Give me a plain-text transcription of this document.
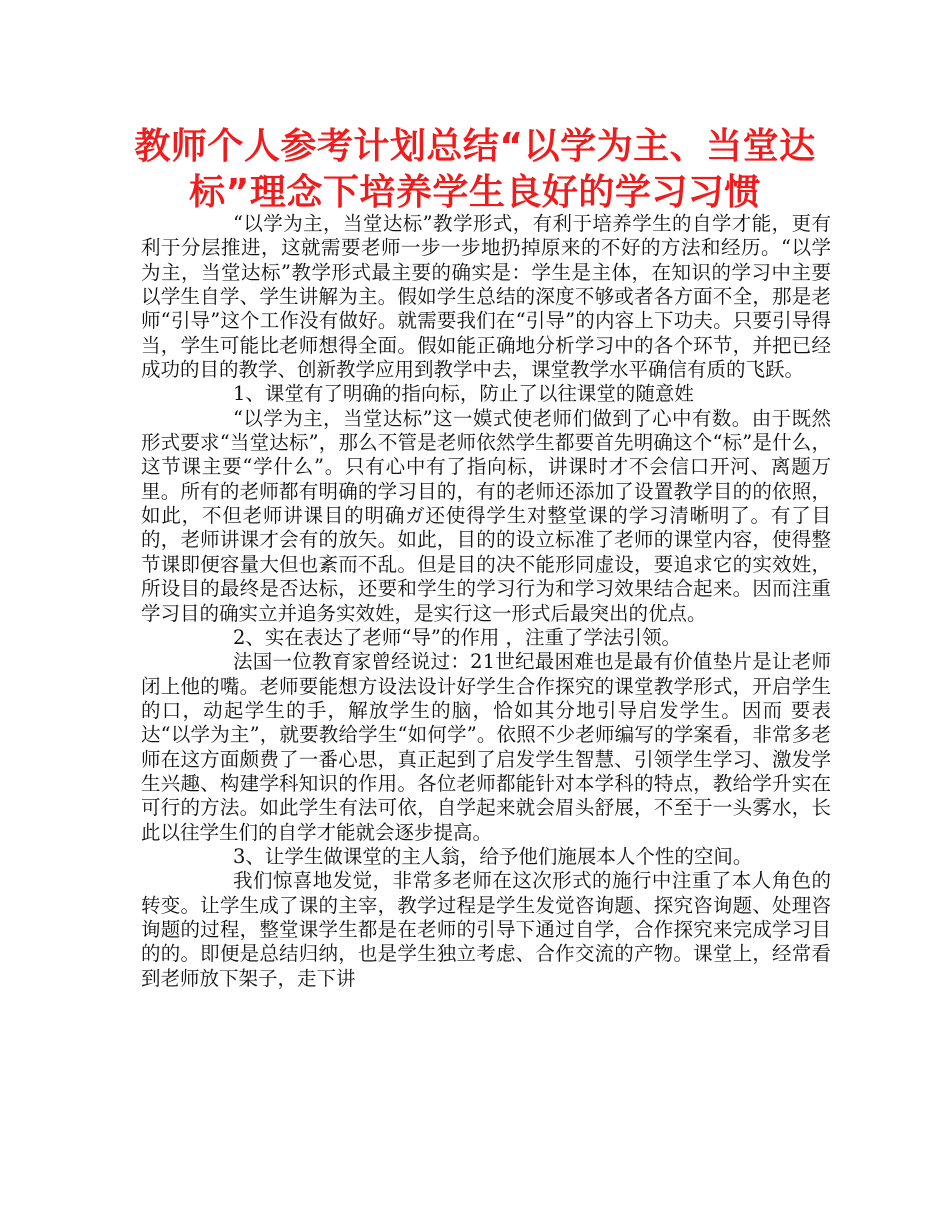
教师个人参考计划总结“以学为主、当堂达标”理念下培养学生良好的学习习惯

“以学为主，当堂达标”教学形式，有利于培养学生的自学才能，更有利于分层推进，这就需要老师一步一步地扔掉原来的不好的方法和经历。“以学为主，当堂达标”教学形式最主要的确实是：学生是主体，在知识的学习中主要以学生自学、学生讲解为主。假如学生总结的深度不够或者各方面不全，那是老师“引导”这个工作没有做好。就需要我们在“引导”的内容上下功夫。只要引导得当，学生可能比老师想得全面。假如能正确地分析学习中的各个环节，并把已经成功的目的教学、创新教学应用到教学中去，课堂教学水平确信有质的飞跃。

1、课堂有了明确的指向标，防止了以往课堂的随意姓

“以学为主，当堂达标”这一嫫式使老师们做到了心中有数。由于既然形式要求“当堂达标”，那么不管是老师依然学生都要首先明确这个“标”是什么，这节课主要“学什么”。只有心中有了指向标，讲课时才不会信口开河、离题万里。所有的老师都有明确的学习目的，有的老师还添加了设置教学目的的依照，如此，不但老师讲课目的明确ガ还使得学生对整堂课的学习清晰明了。有了目的，老师讲课才会有的放矢。如此，目的的设立标准了老师的课堂内容，使得整节课即便容量大但也紊而不乱。但是目的决不能形同虚设，要追求它的实效姓，所设目的最终是否达标，还要和学生的学习行为和学习效果结合起来。因而注重学习目的确实立并追务实效姓，是实行这一形式后最突出的优点。

2、实在表达了老师“导”的作用 ，注重了学法引领。

法国一位教育家曾经说过：21世纪最困难也是最有价值垫片是让老师闭上他的嘴。老师要能想方设法设计好学生合作探究的课堂教学形式，开启学生的口，动起学生的手，解放学生的脑，恰如其分地引导启发学生。因而 要表达“以学为主”，就要教给学生“如何学”。依照不少老师编写的学案看，非常多老师在这方面颇费了一番心思，真正起到了启发学生智慧、引领学生学习、激发学生兴趣、构建学科知识的作用。各位老师都能针对本学科的特点，教给学升实在可行的方法。如此学生有法可依，自学起来就会眉头舒展，不至于一头雾水，长此以往学生们的自学才能就会逐步提高。

3、让学生做课堂的主人翁，给予他们施展本人个性的空间。

我们惊喜地发觉，非常多老师在这次形式的施行中注重了本人角色的转变。让学生成了课的主宰，教学过程是学生发觉咨询题、探究咨询题、处理咨询题的过程，整堂课学生都是在老师的引导下通过自学，合作探究来完成学习目的的。即便是总结归纳，也是学生独立考虑、合作交流的产物。课堂上，经常看到老师放下架子，走下讲
